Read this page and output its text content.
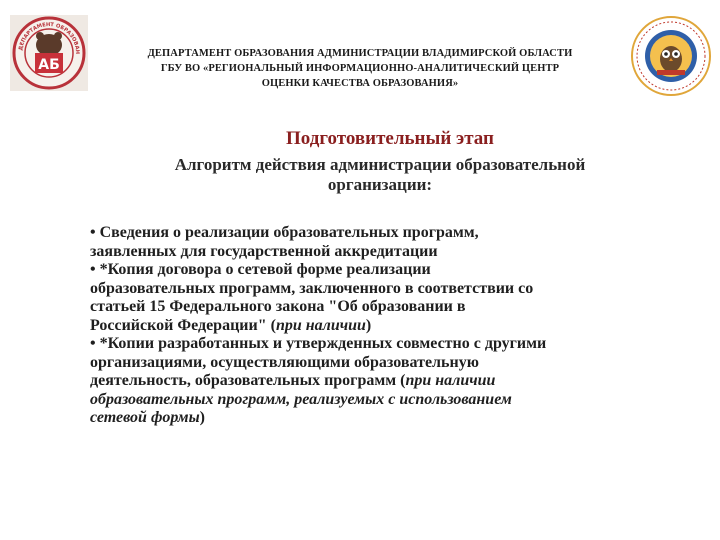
ДЕПАРТАМЕНТ ОБРАЗОВАН
АБ
ДЕПАРТАМЕНТ ОБРАЗОВАНИЯ АДМИНИСТРАЦИИ ВЛАДИМИРСКОЙ ОБЛАСТИ
ГБУ ВО «РЕГИОНАЛЬНЫЙ ИНФОРМАЦИОННО-АНАЛИТИЧЕСКИЙ ЦЕНТР
ОЦЕНКИ КАЧЕСТВА ОБРАЗОВАНИЯ»
Подготовительный этап
Алгоритм действия администрации образовательной
организации:

• Сведения о реализации образовательных программ,
заявленных для государственной аккредитации

• *Копия договора о сетевой форме реализации
образовательных программ, заключенного в соответствии со
статьей 15 Федерального закона "Об образовании в
Российской Федерации" (при наличии)

• *Копии разработанных и утвержденных совместно с другими
организациями, осуществляющими образовательную
деятельность, образовательных программ (при наличии
образовательных программ, реализуемых с использованием
сетевой формы)
